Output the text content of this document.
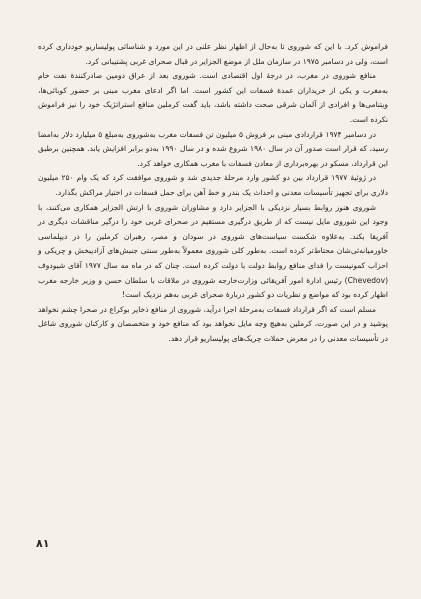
فراموش کرد. با این که شوروی تا به‌حال از اظهار نظر علنی در این مورد و شناسائی پولیساریو خودداری کرده است، ولی در دسامبر ۱۹۷۵ در سازمان ملل از موضع الجزایر در قبال صحرای غربی پشتیبانی کرد.

منافع شوروی در مغرب، در درجهٔ اول اقتصادی است. شوروی بعد از عراق دومین صادرکنندهٔ نفت خام به‌مغرب و یکی از خریداران عمدهٔ فسفات این کشور است. اما اگر ادعای مغرب مبنی بر حضور کوبائی‌ها، ویتنامی‌ها و افرادی از آلمان شرقی صحت داشته باشد، باید گفت کرملین منافع استراتژیک خود را نیز فراموش نکرده است.

در دسامبر ۱۹۷۴ قراردادی مبنی بر فروش ۵ میلیون تن فسفات مغرب به‌شوروی به‌مبلغ ۵ میلیارد دلار به‌امضا رسید، که قرار است صدور آن در سال ۱۹۸۰ شروع شده و در سال ۱۹۹۰ به‌دو برابر افزایش یابد. همچنین برطبق این قرارداد، مسکو در بهره‌برداری از معادن فسفات با مغرب همکاری خواهد کرد.

در ژوئیهٔ ۱۹۷۷ قرارداد بین دو کشور وارد مرحلهٔ جدیدی شد و شوروی موافقت کرد که یک وام ۲۵۰ میلیون دلاری برای تجهیز تأسیسات معدنی و احداث یک بندر و خط آهن برای حمل فسفات در اختیار مراکش بگذارد.

شوروی هنوز روابط بسیار نزدیکی با الجزایر دارد و مشاوران شوروی با ارتش الجزایر همکاری می‌کنند، با وجود این شوروی مایل نیست که از طریق درگیری مستقیم در صحرای غربی خود را درگیر مناقشات دیگری در آفریقا بکند. به‌علاوه شکست سیاست‌های شوروی در سودان و مصر، رهبران کرملین را در دیپلماسی خاورمیانه‌ئی‌شان محتاط‌تر کرده است. به‌طور کلی شوروی معمولاً به‌طور سنتی جنبش‌های آزادیبخش و چریکی و احزاب کمونیست را فدای منافع روابط دولت با دولت کرده است. چنان که در ماه مه سال ۱۹۷۷ آقای شیودوف (Chevedov) رئیس ادارهٔ امور آفریقائی وزارت‌خارجه شوروی در ملاقات با سلطان حسن و وزیر خارجه مغرب اظهار کرده بود که مواضع و نظریات دو کشور دربارهٔ صحرای غربی به‌هم نزدیک است!

مسلم است که اگر قرارداد فسفات به‌مرحلهٔ اجرا درآید، شوروی از منافع ذخایر بوکراع در صحرا چشم نخواهد پوشید و در این صورت، کرملین به‌هیچ وجه مایل نخواهد بود که منافع خود و متخصصان و کارکنان شوروی شاغل در تأسیسات معدنی را در معرض حملات چریک‌های پولیساریو قرار دهد.

۸۱
